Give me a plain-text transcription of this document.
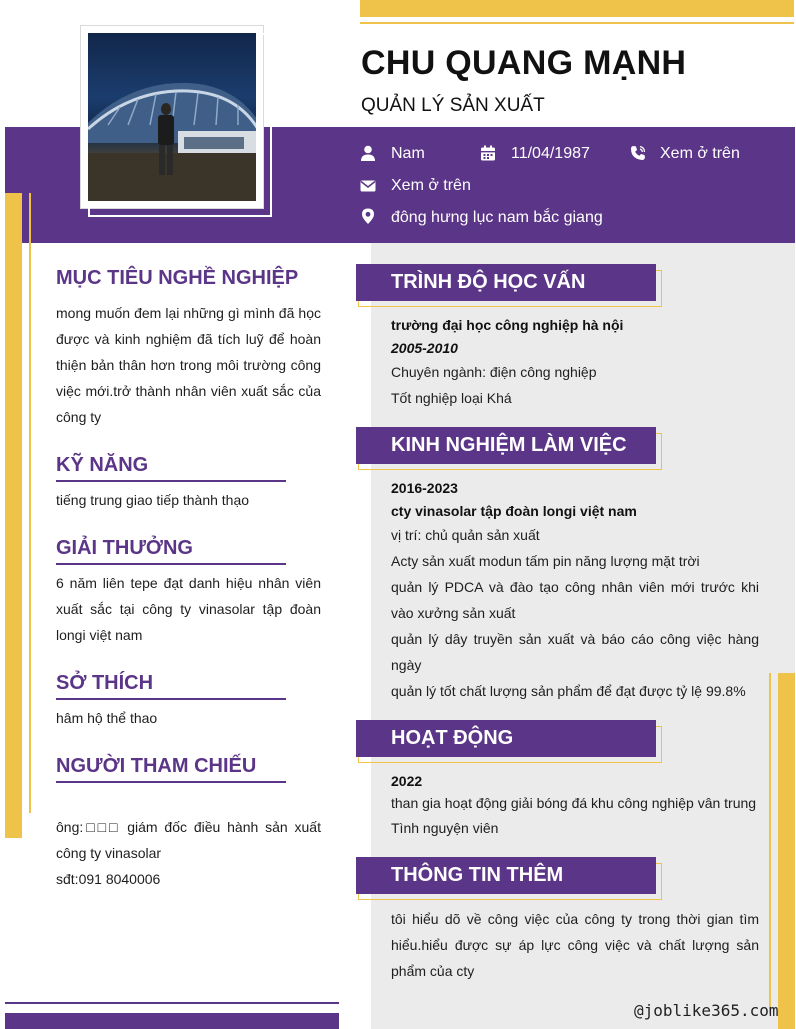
CHU QUANG MẠNH
QUẢN LÝ SẢN XUẤT
Nam	11/04/1987	Xem ở trên
Xem ở trên
đông hưng lục nam bắc giang
MỤC TIÊU NGHỀ NGHIỆP
mong muốn đem lại những gì mình đã học được và kinh nghiệm đã tích luỹ để hoàn thiện bản thân hơn trong môi trường công việc mới.trở thành nhân viên xuất sắc của công ty
KỸ NĂNG
tiếng trung giao tiếp thành thạo
GIẢI THƯỞNG
6 năm liên tepe đạt danh hiệu nhân viên xuất sắc tại công ty vinasolar tập đoàn longi việt nam
SỞ THÍCH
hâm hộ thể thao
NGƯỜI THAM CHIẾU
ông:□□□ giám đốc điều hành sản xuất công ty vinasolar
sđt:091 8040006
TRÌNH ĐỘ HỌC VẤN
trường đại học công nghiệp hà nội
2005-2010
Chuyên ngành: điện công nghiệp
Tốt nghiệp loại Khá
KINH NGHIỆM LÀM VIỆC
2016-2023
cty vinasolar tập đoàn longi việt nam
vị trí: chủ quản sản xuất
Acty sản xuất modun tấm pin năng lượng mặt trời
quản lý PDCA và đào tạo công nhân viên mới trước khi vào xưởng sản xuất
quản lý dây truyền sản xuất và báo cáo công việc hàng ngày
quản lý tốt chất lượng sản phẩm để đạt được tỷ lệ 99.8%
HOẠT ĐỘNG
2022
than gia hoạt động giải bóng đá khu công nghiệp vân trung
Tình nguyện viên
THÔNG TIN THÊM
tôi hiểu dõ về công việc của công ty trong thời gian tìm hiểu.hiểu được sự áp lực công việc và chất lượng sản phẩm của cty
@joblike365.com
